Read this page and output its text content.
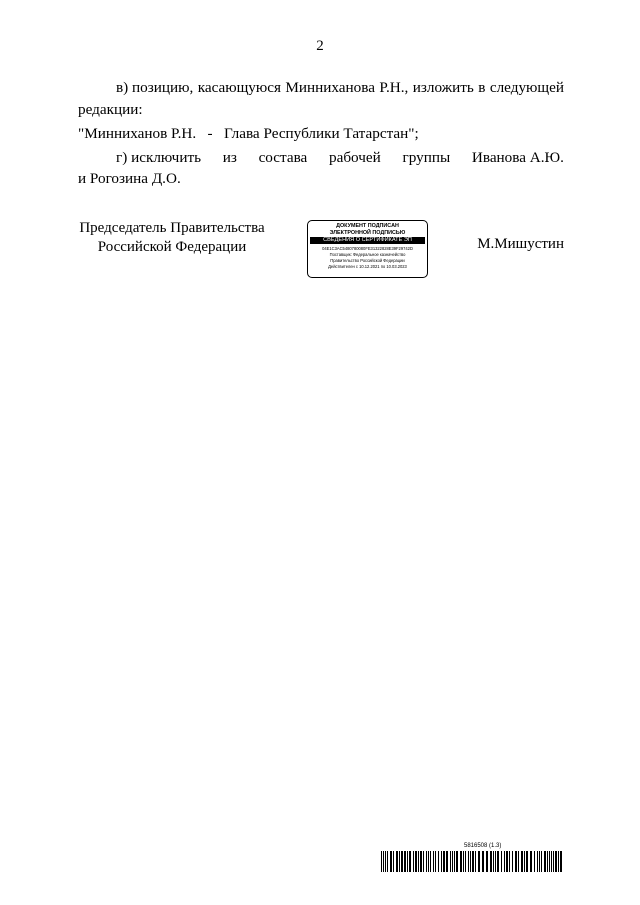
2
в) позицию, касающуюся Минниханова Р.Н., изложить в следующей
редакции:
"Минниханов Р.Н.   -   Глава Республики Татарстан";
г) исключить из состава рабочей группы Иванова А.Ю.
и Рогозина Д.О.
Председатель Правительства
Российской Федерации
ДОКУМЕНТ ПОДПИСАН
ЭЛЕКТРОННОЙ ПОДПИСЬЮ
СВЕДЕНИЯ О СЕРТИФИКАТЕ ЭП
04E1C3AC5480780080FE31322828E39F29742D
Поставщик: Федеральное казначейство
Правительство Российской Федерации
Действителен с 10.12.2021 по 10.03.2023
М.Мишустин
5816508 (1.3)
